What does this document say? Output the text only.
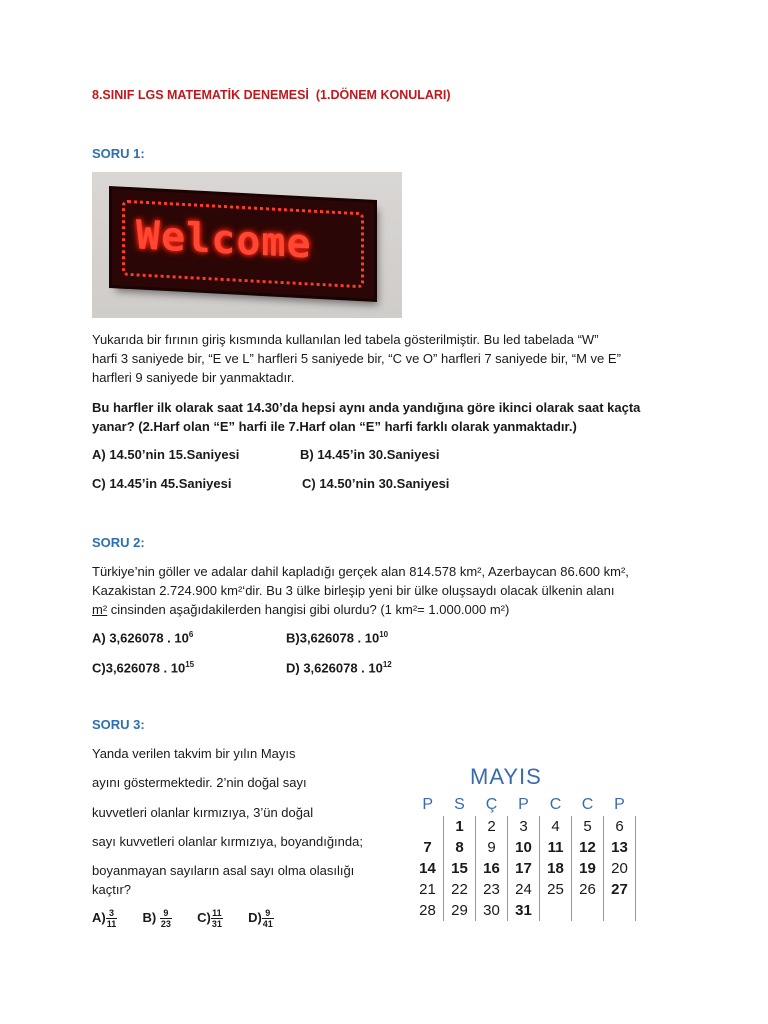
8.SINIF LGS MATEMATİK DENEMESİ  (1.DÖNEM KONULARI)
SORU 1:
Welcome
Yukarıda bir fırının giriş kısmında kullanılan led tabela gösterilmiştir. Bu led tabelada “W”
harfi 3 saniyede bir, “E ve L” harfleri 5 saniyede bir, “C ve O” harfleri 7 saniyede bir, “M ve E”
harfleri 9 saniyede bir yanmaktadır.
Bu harfler ilk olarak saat 14.30’da hepsi aynı anda yandığına göre ikinci olarak saat kaçta
yanar? (2.Harf olan “E” harfi ile 7.Harf olan “E” harfi farklı olarak yanmaktadır.)
A) 14.50’nin 15.Saniyesi	B) 14.45’in 30.Saniyesi
C) 14.45’in 45.Saniyesi	C) 14.50’nin 30.Saniyesi
SORU 2:
Türkiye’nin göller ve adalar dahil kapladığı gerçek alan 814.578 km², Azerbaycan 86.600 km²,
Kazakistan 2.724.900 km²‘dir. Bu 3 ülke birleşip yeni bir ülke oluşsaydı olacak ülkenin alanı
m² cinsinden aşağıdakilerden hangisi gibi olurdu? (1 km²= 1.000.000 m²)
A) 3,626078 . $10^6$	B)3,626078 . $10^{10}$
C)3,626078 . $10^{15}$	D) 3,626078 . $10^{12}$
SORU 3:
Yanda verilen takvim bir yılın Mayıs
ayını göstermektedir. 2’nin doğal sayı
kuvvetleri olanlar kırmızıya, 3’ün doğal
sayı kuvvetleri olanlar kırmızıya, boyandığında;
boyanmayan sayıların asal sayı olma olasılığı
kaçtır?
$A) \frac{3}{11} B) \frac{9}{23} C) \frac{11}{31} D) \frac{9}{41}$
MAYIS
P	S	Ç	P	C	C	P
	1	2	3	4	5	6
7	8	9	10	11	12	13
14	15	16	17	18	19	20
21	22	23	24	25	26	27
28	29	30	31			
